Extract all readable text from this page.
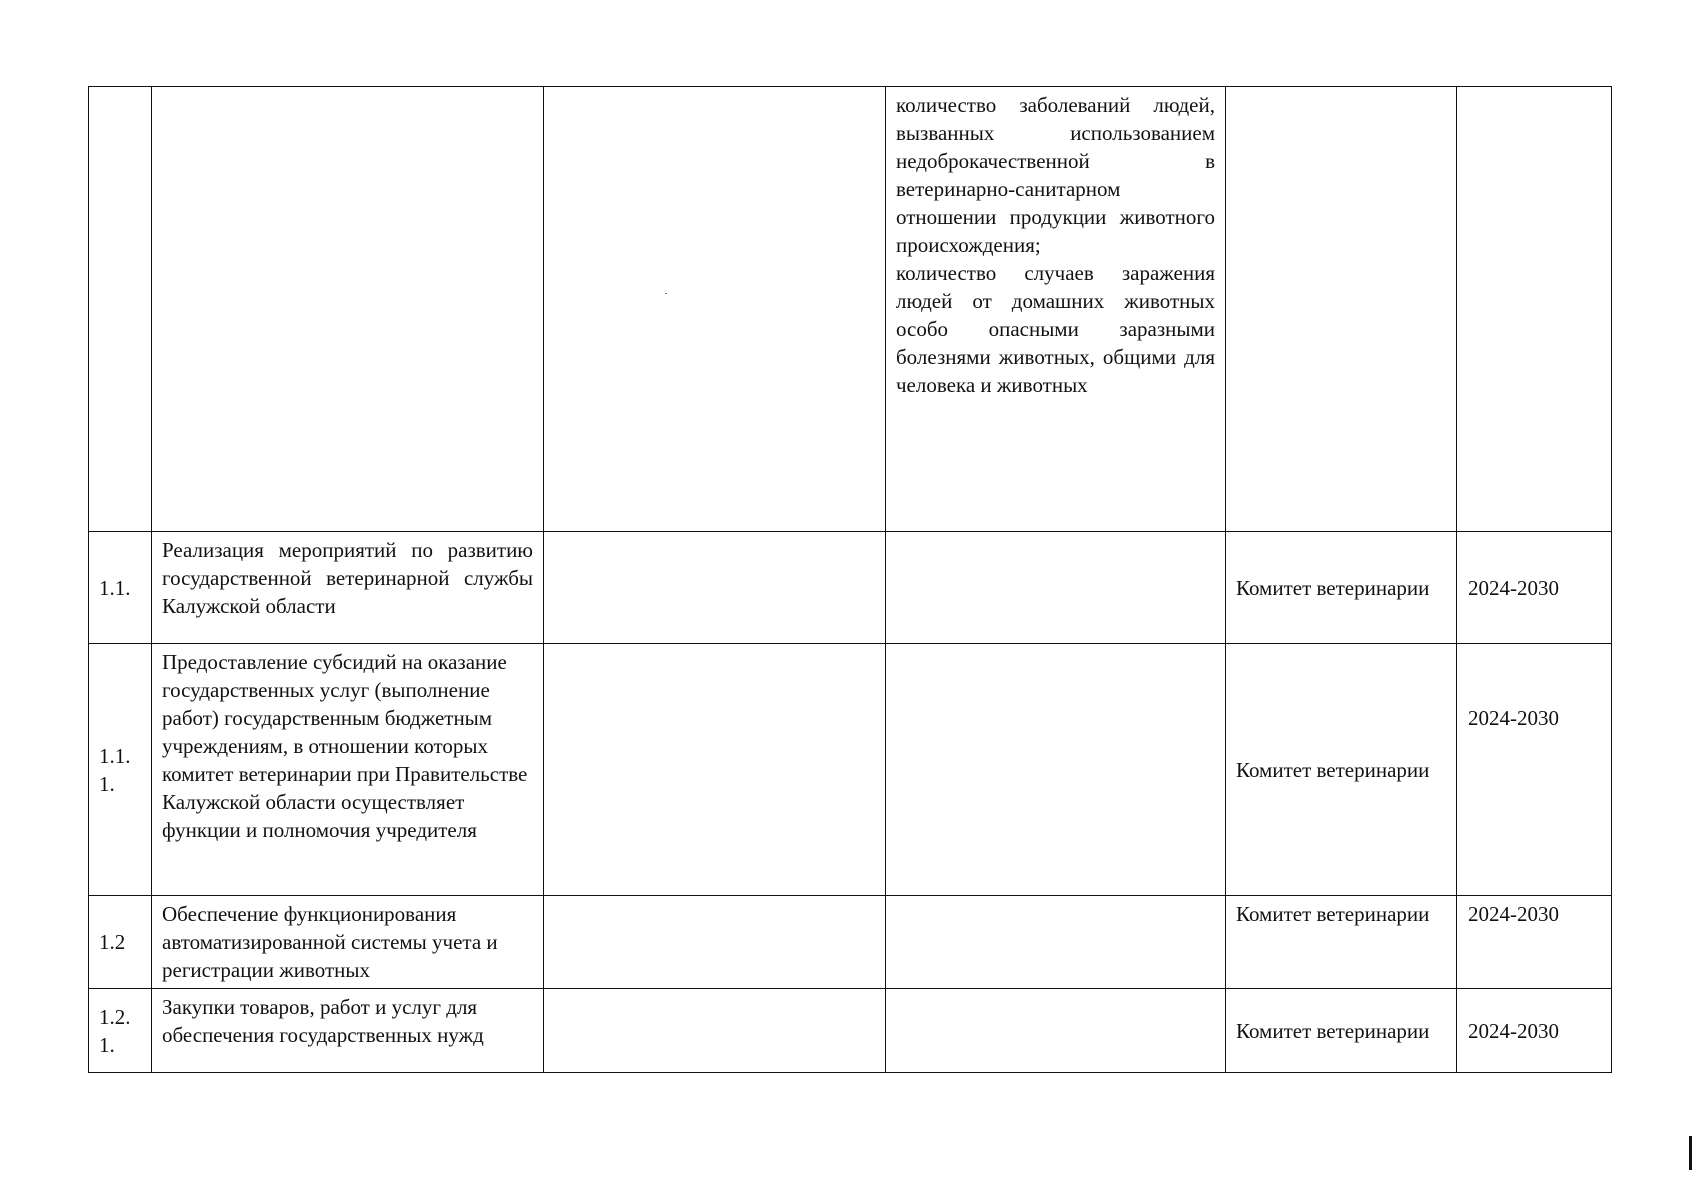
			количество заболеваний людей, вызванных использованием недоброкачественной в ветеринарно-санитарном отношении продукции животного происхождения;
количество случаев заражения людей от домашних животных особо опасными заразными болезнями животных, общими для человека и животных		

1.1.	Реализация мероприятий по развитию государственной ветеринарной службы Калужской области			Комитет ветеринарии	2024-2030
1.1. 1.	Предоставление субсидий на оказание государственных услуг (выполнение работ) государственным бюджетным учреждениям, в отношении которых комитет ветеринарии при Правительстве Калужской области осуществляет функции и полномочия учредителя			Комитет ветеринарии	2024-2030
1.2	Обеспечение функционирования автоматизированной системы учета и регистрации животных			Комитет ветеринарии	2024-2030
1.2. 1.	Закупки товаров, работ и услуг для обеспечения государственных нужд			Комитет ветеринарии	2024-2030
